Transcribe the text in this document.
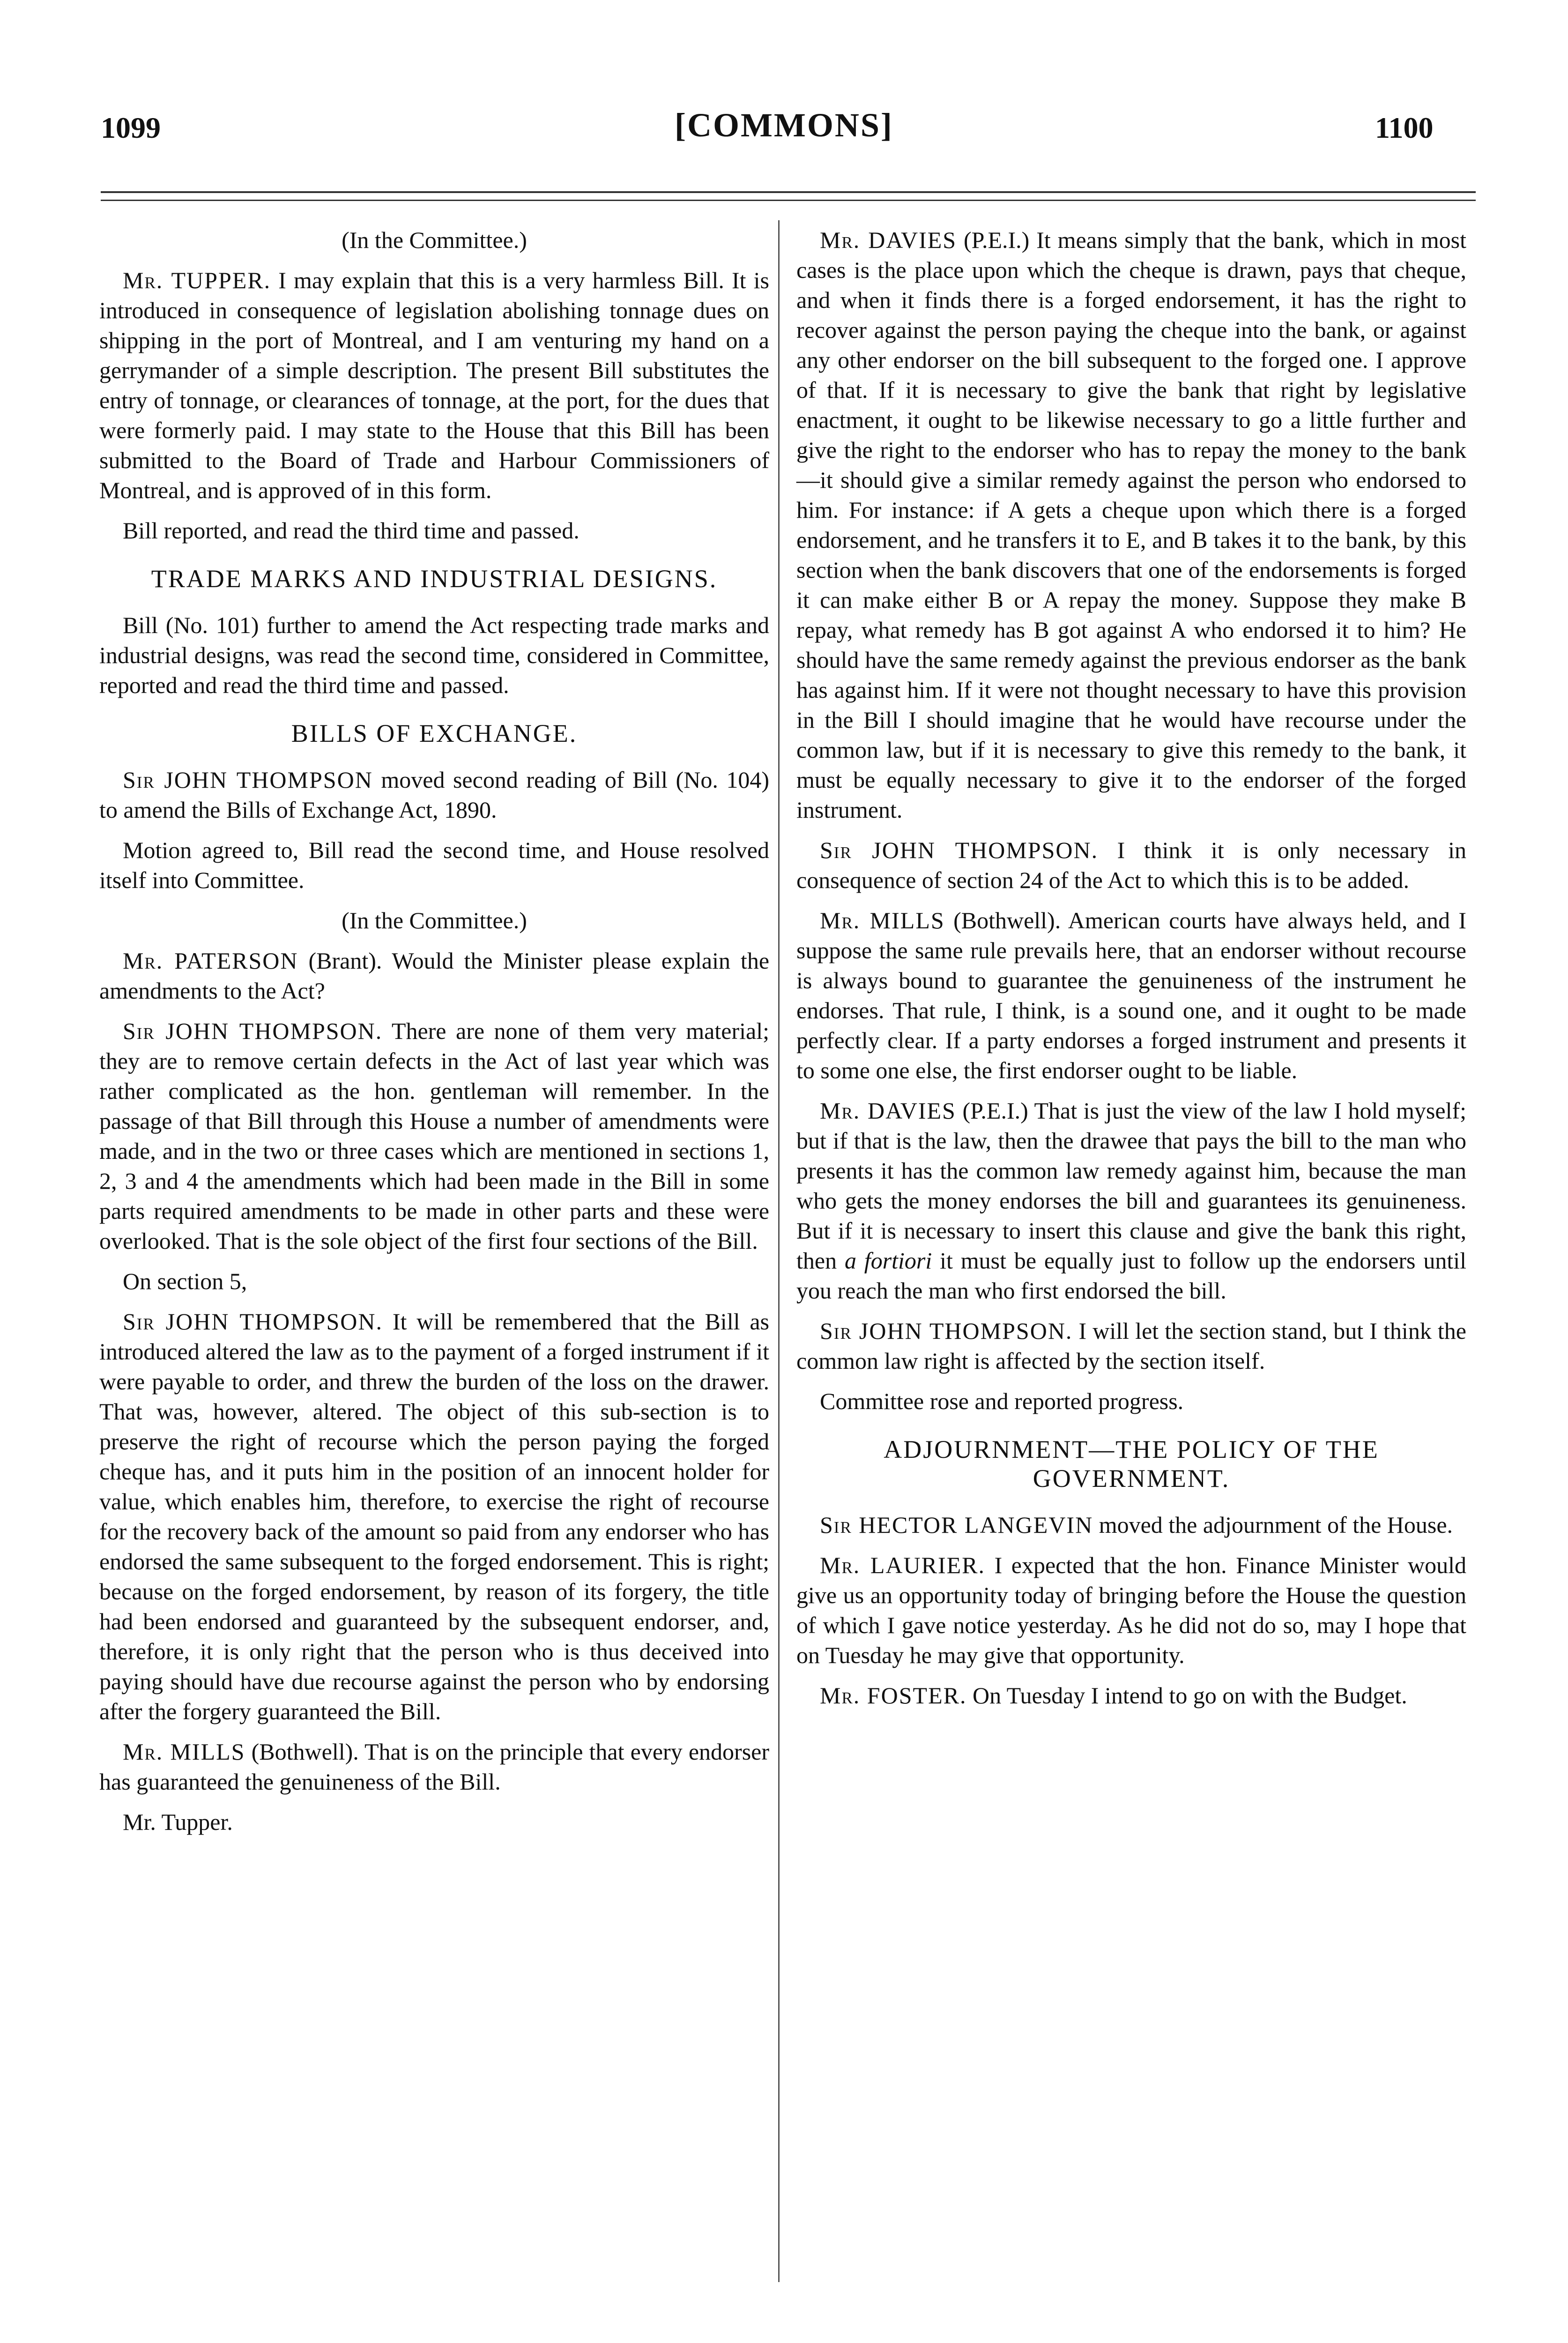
1099	[COMMONS]	1100

(In the Committee.)

Mr. TUPPER. I may explain that this is a very harmless Bill. It is introduced in consequence of legislation abolishing tonnage dues on shipping in the port of Montreal, and I am venturing my hand on a gerrymander of a simple description. The present Bill substitutes the entry of tonnage, or clearances of tonnage, at the port, for the dues that were formerly paid. I may state to the House that this Bill has been submitted to the Board of Trade and Harbour Commissioners of Montreal, and is approved of in this form.

Bill reported, and read the third time and passed.

TRADE MARKS AND INDUSTRIAL DESIGNS.

Bill (No. 101) further to amend the Act respecting trade marks and industrial designs, was read the second time, considered in Committee, reported and read the third time and passed.

BILLS OF EXCHANGE.

Sir JOHN THOMPSON moved second reading of Bill (No. 104) to amend the Bills of Exchange Act, 1890.

Motion agreed to, Bill read the second time, and House resolved itself into Committee.

(In the Committee.)

Mr. PATERSON (Brant). Would the Minister please explain the amendments to the Act?

Sir JOHN THOMPSON. There are none of them very material; they are to remove certain defects in the Act of last year which was rather complicated as the hon. gentleman will remember. In the passage of that Bill through this House a number of amendments were made, and in the two or three cases which are mentioned in sections 1, 2, 3 and 4 the amendments which had been made in the Bill in some parts required amendments to be made in other parts and these were overlooked. That is the sole object of the first four sections of the Bill.

On section 5,

Sir JOHN THOMPSON. It will be remembered that the Bill as introduced altered the law as to the payment of a forged instrument if it were payable to order, and threw the burden of the loss on the drawer. That was, however, altered. The object of this sub-section is to preserve the right of recourse which the person paying the forged cheque has, and it puts him in the position of an innocent holder for value, which enables him, therefore, to exercise the right of recourse for the recovery back of the amount so paid from any endorser who has endorsed the same subsequent to the forged endorsement. This is right; because on the forged endorsement, by reason of its forgery, the title had been endorsed and guaranteed by the subsequent endorser, and, therefore, it is only right that the person who is thus deceived into paying should have due recourse against the person who by endorsing after the forgery guaranteed the Bill.

Mr. MILLS (Bothwell). That is on the principle that every endorser has guaranteed the genuineness of the Bill.

Mr. Tupper.

Mr. DAVIES (P.E.I.) It means simply that the bank, which in most cases is the place upon which the cheque is drawn, pays that cheque, and when it finds there is a forged endorsement, it has the right to recover against the person paying the cheque into the bank, or against any other endorser on the bill subsequent to the forged one. I approve of that. If it is necessary to give the bank that right by legislative enactment, it ought to be likewise necessary to go a little further and give the right to the endorser who has to repay the money to the bank—it should give a similar remedy against the person who endorsed to him. For instance: if A gets a cheque upon which there is a forged endorsement, and he transfers it to E, and B takes it to the bank, by this section when the bank discovers that one of the endorsements is forged it can make either B or A repay the money. Suppose they make B repay, what remedy has B got against A who endorsed it to him? He should have the same remedy against the previous endorser as the bank has against him. If it were not thought necessary to have this provision in the Bill I should imagine that he would have recourse under the common law, but if it is necessary to give this remedy to the bank, it must be equally necessary to give it to the endorser of the forged instrument.

Sir JOHN THOMPSON. I think it is only necessary in consequence of section 24 of the Act to which this is to be added.

Mr. MILLS (Bothwell). American courts have always held, and I suppose the same rule prevails here, that an endorser without recourse is always bound to guarantee the genuineness of the instrument he endorses. That rule, I think, is a sound one, and it ought to be made perfectly clear. If a party endorses a forged instrument and presents it to some one else, the first endorser ought to be liable.

Mr. DAVIES (P.E.I.) That is just the view of the law I hold myself; but if that is the law, then the drawee that pays the bill to the man who presents it has the common law remedy against him, because the man who gets the money endorses the bill and guarantees its genuineness. But if it is necessary to insert this clause and give the bank this right, then a fortiori it must be equally just to follow up the endorsers until you reach the man who first endorsed the bill.

Sir JOHN THOMPSON. I will let the section stand, but I think the common law right is affected by the section itself.

Committee rose and reported progress.

ADJOURNMENT—THE POLICY OF THE GOVERNMENT.

Sir HECTOR LANGEVIN moved the adjournment of the House.

Mr. LAURIER. I expected that the hon. Finance Minister would give us an opportunity today of bringing before the House the question of which I gave notice yesterday. As he did not do so, may I hope that on Tuesday he may give that opportunity.

Mr. FOSTER. On Tuesday I intend to go on with the Budget.
